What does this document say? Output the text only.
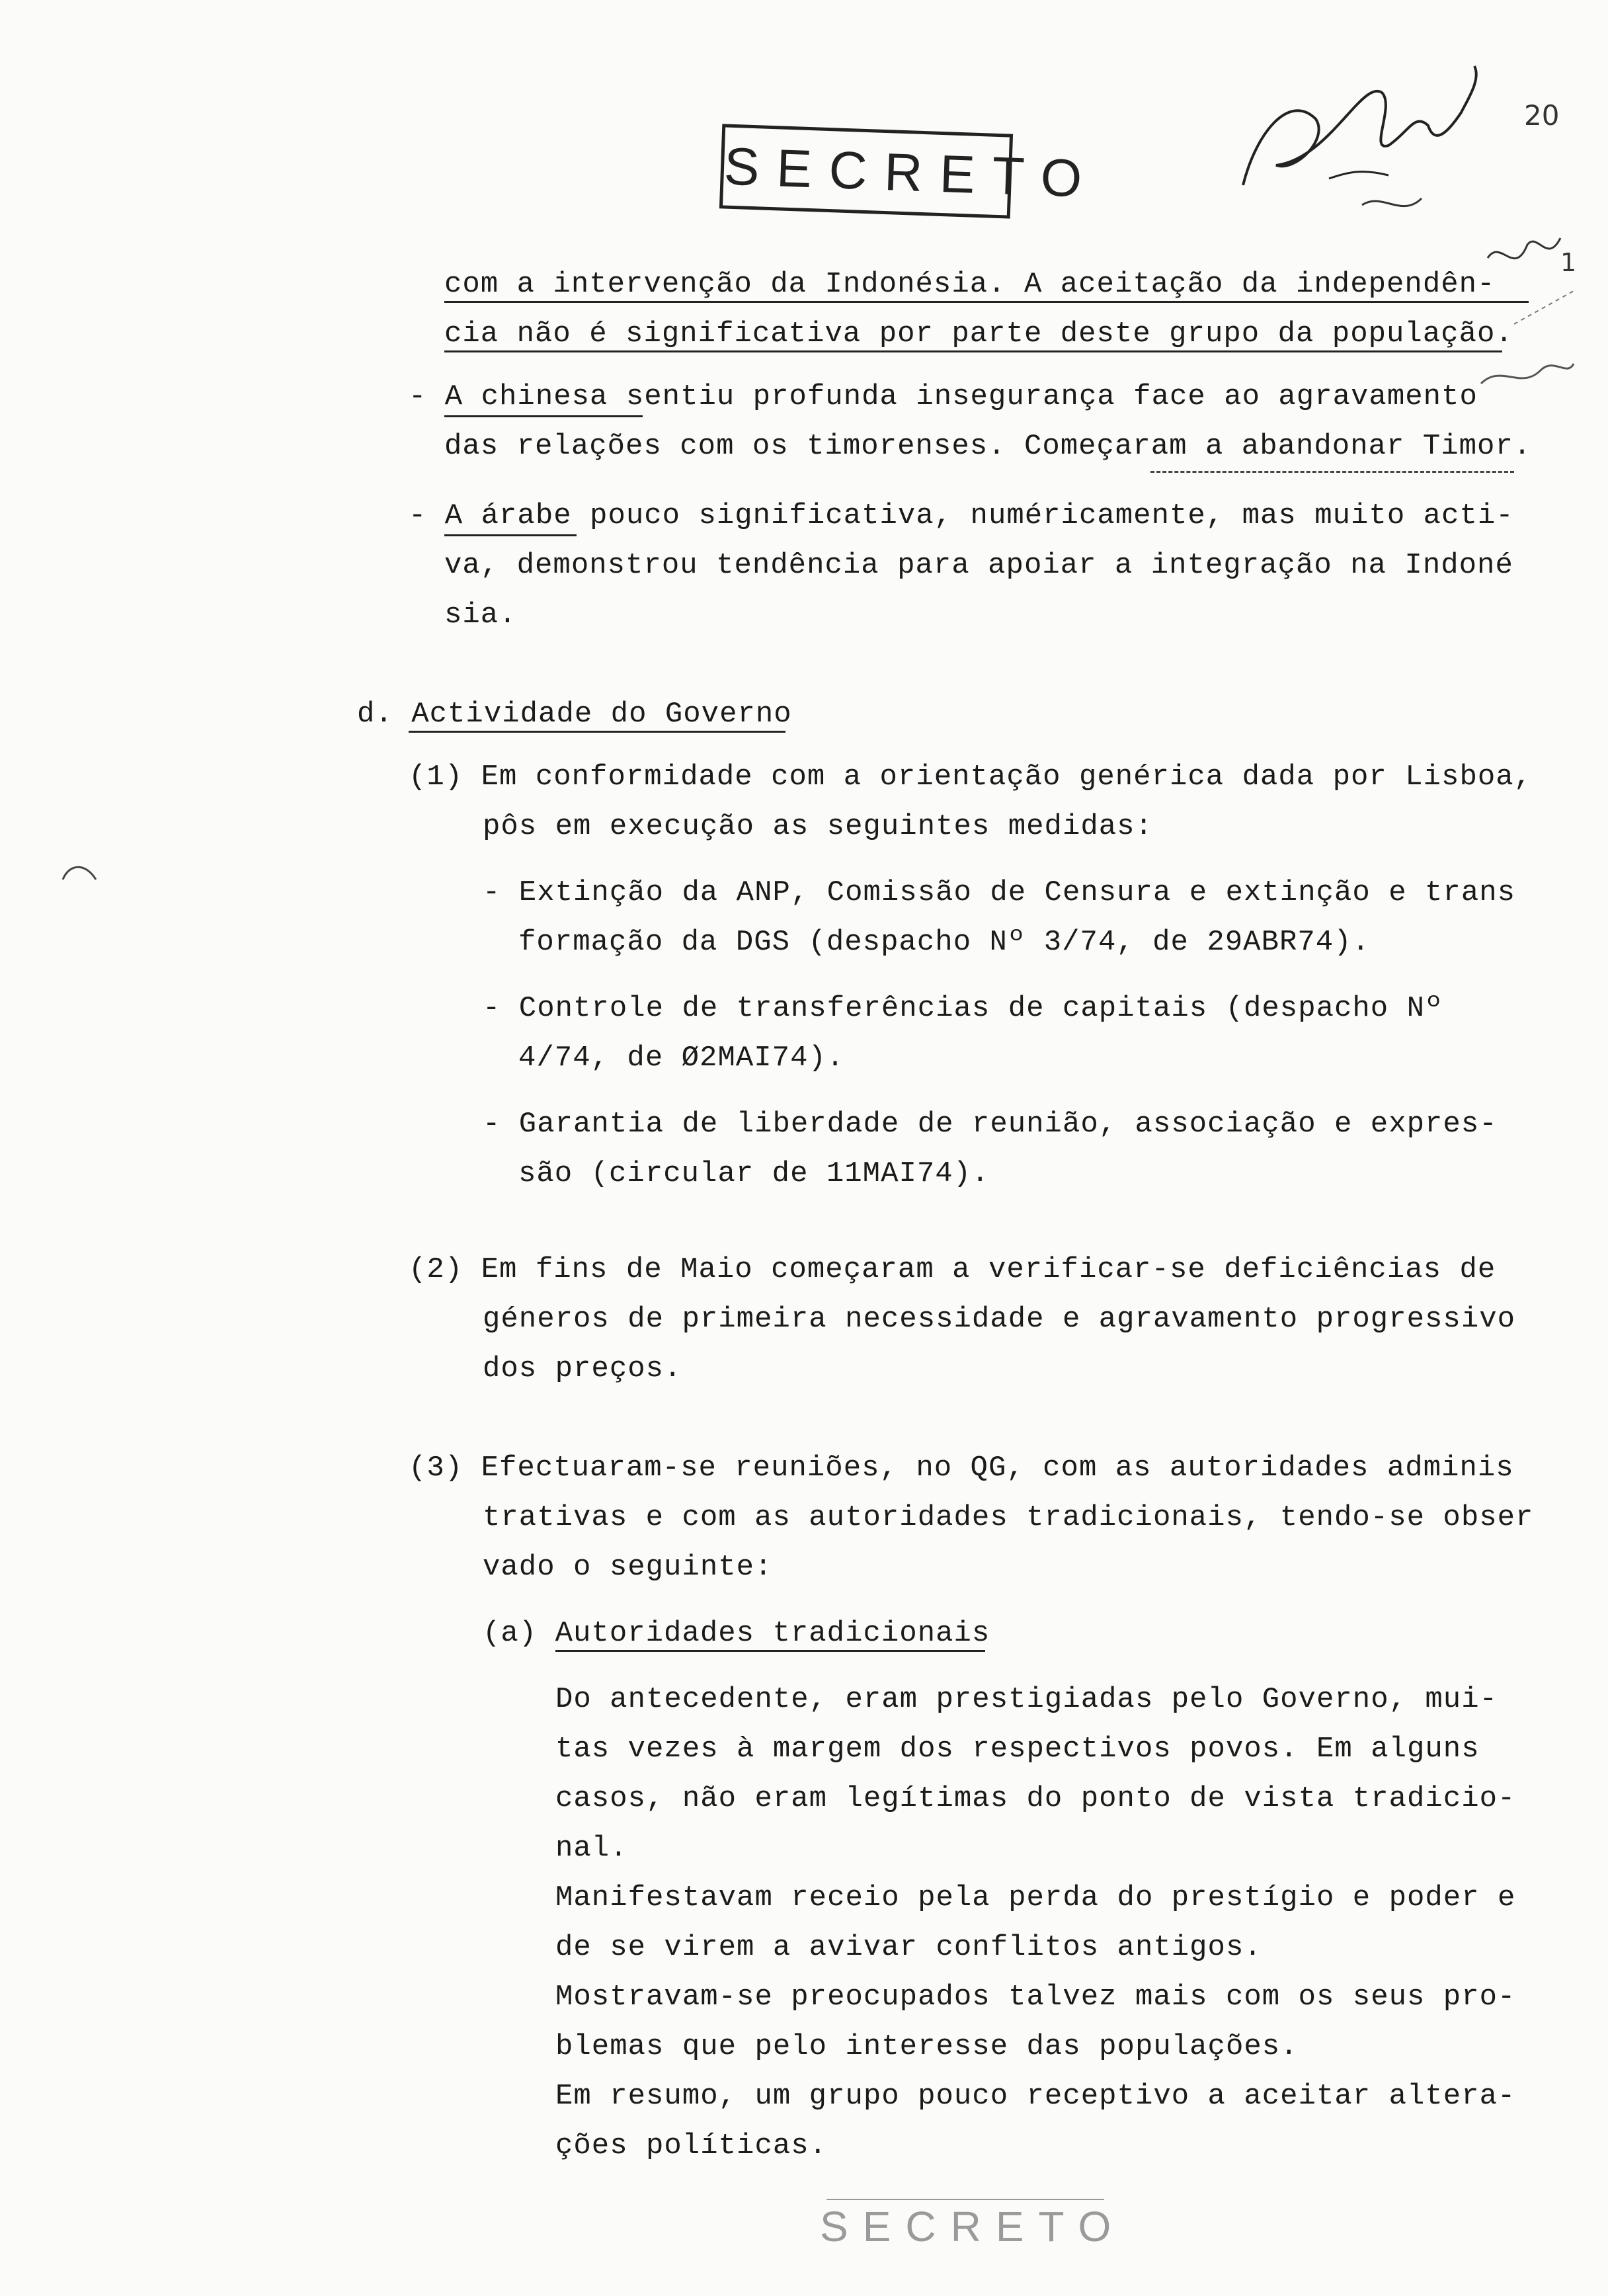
SECRETO
20
1
com a intervenção da Indonésia. A aceitação da independên-
cia não é significativa por parte deste grupo da população.
- A chinesa sentiu profunda insegurança face ao agravamento
das relações com os timorenses. Começaram a abandonar Timor.
- A árabe pouco significativa, numéricamente, mas muito acti-
va, demonstrou tendência para apoiar a integração na Indoné
sia.
d. Actividade do Governo
(1) Em conformidade com a orientação genérica dada por Lisboa,
pôs em execução as seguintes medidas:
- Extinção da ANP, Comissão de Censura e extinção e trans
formação da DGS (despacho Nº 3/74, de 29ABR74).
- Controle de transferências de capitais (despacho Nº
4/74, de Ø2MAI74).
- Garantia de liberdade de reunião, associação e expres-
são (circular de 11MAI74).
(2) Em fins de Maio começaram a verificar-se deficiências de
géneros de primeira necessidade e agravamento progressivo
dos preços.
(3) Efectuaram-se reuniões, no QG, com as autoridades adminis
trativas e com as autoridades tradicionais, tendo-se obser
vado o seguinte:
(a) Autoridades tradicionais
Do antecedente, eram prestigiadas pelo Governo, mui-
tas vezes à margem dos respectivos povos. Em alguns
casos, não eram legítimas do ponto de vista tradicio-
nal.
Manifestavam receio pela perda do prestígio e poder e
de se virem a avivar conflitos antigos.
Mostravam-se preocupados talvez mais com os seus pro-
blemas que pelo interesse das populações.
Em resumo, um grupo pouco receptivo a aceitar altera-
ções políticas.
SECRETO
